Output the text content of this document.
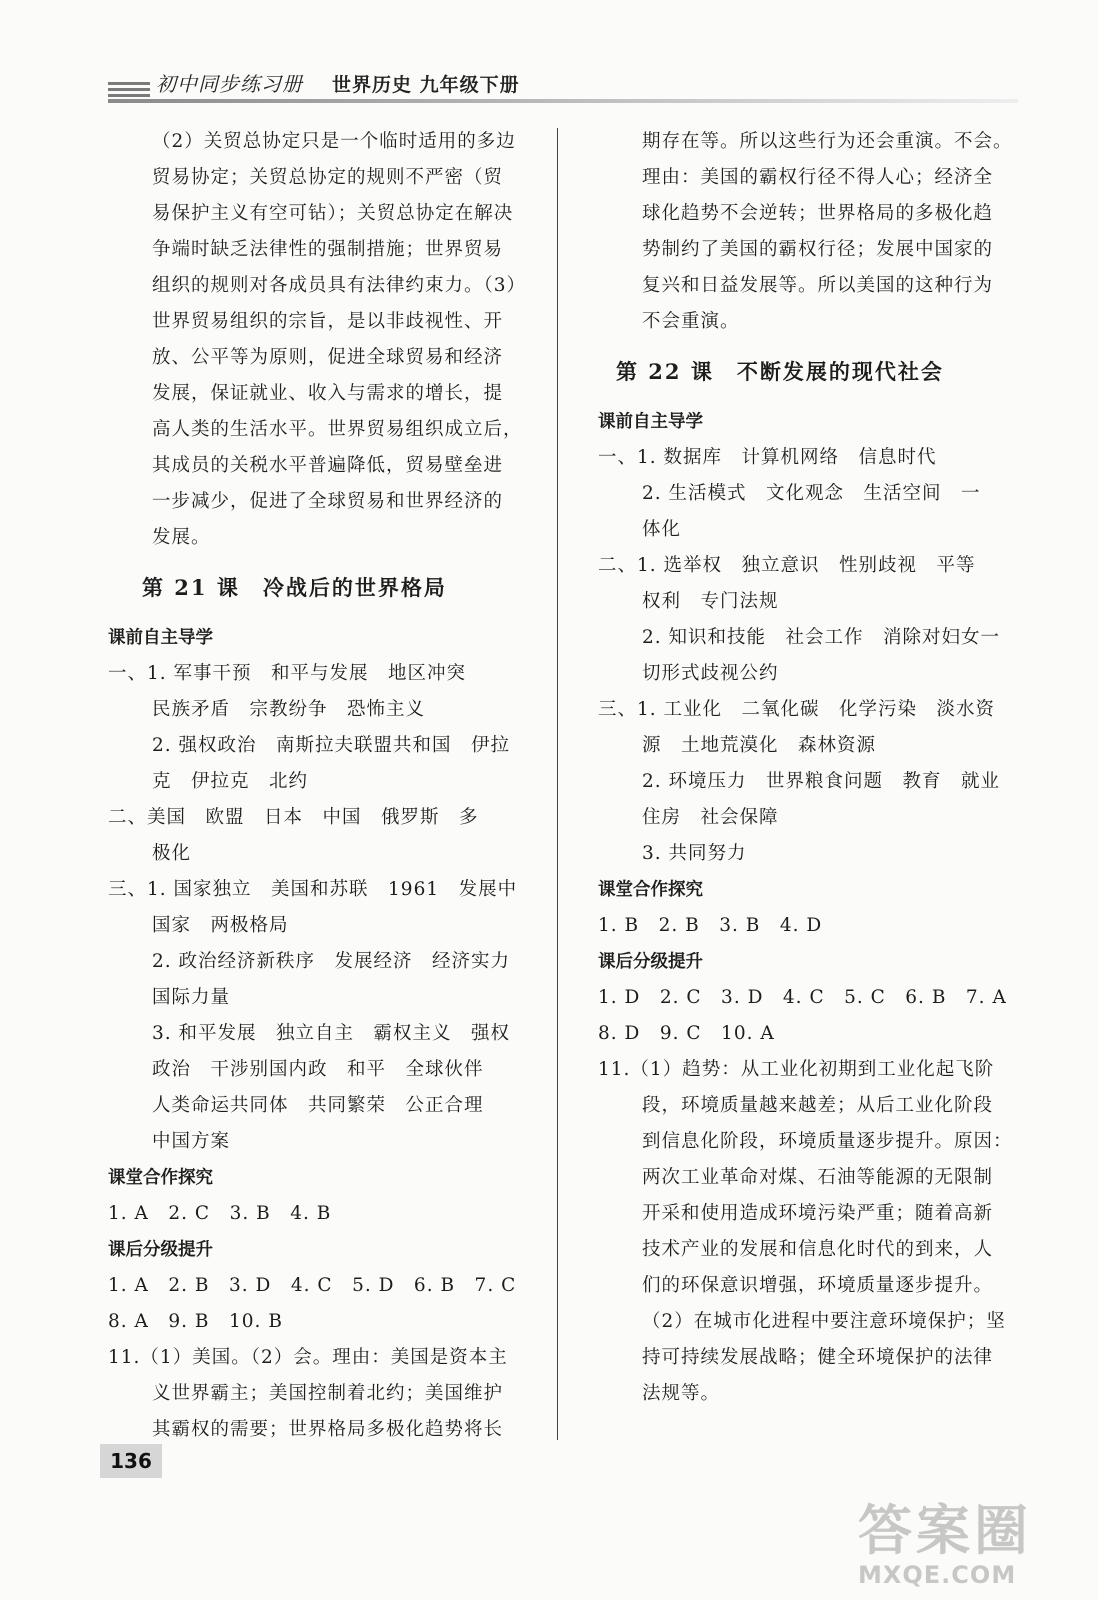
初中同步练习册 世界历史 九年级下册
（2）关贸总协定只是一个临时适用的多边
贸易协定；关贸总协定的规则不严密（贸
易保护主义有空可钻）；关贸总协定在解决
争端时缺乏法律性的强制措施；世界贸易
组织的规则对各成员具有法律约束力。（3）
世界贸易组织的宗旨，是以非歧视性、开
放、公平等为原则，促进全球贸易和经济
发展，保证就业、收入与需求的增长，提
高人类的生活水平。世界贸易组织成立后，
其成员的关税水平普遍降低，贸易壁垒进
一步减少，促进了全球贸易和世界经济的
发展。
第 21 课　冷战后的世界格局
课前自主导学
一、1. 军事干预　和平与发展　地区冲突
民族矛盾　宗教纷争　恐怖主义
2. 强权政治　南斯拉夫联盟共和国　伊拉
克　伊拉克　北约
二、美国　欧盟　日本　中国　俄罗斯　多
极化
三、1. 国家独立　美国和苏联　1961　发展中
国家　两极格局
2. 政治经济新秩序　发展经济　经济实力
国际力量
3. 和平发展　独立自主　霸权主义　强权
政治　干涉别国内政　和平　全球伙伴
人类命运共同体　共同繁荣　公正合理
中国方案
课堂合作探究
1. A　2. C　3. B　4. B
课后分级提升
1. A　2. B　3. D　4. C　5. D　6. B　7. C
8. A　9. B　10. B
11.（1）美国。（2）会。理由：美国是资本主
义世界霸主；美国控制着北约；美国维护
其霸权的需要；世界格局多极化趋势将长
期存在等。所以这些行为还会重演。不会。
理由：美国的霸权行径不得人心；经济全
球化趋势不会逆转；世界格局的多极化趋
势制约了美国的霸权行径；发展中国家的
复兴和日益发展等。所以美国的这种行为
不会重演。
第 22 课　不断发展的现代社会
课前自主导学
一、1. 数据库　计算机网络　信息时代
2. 生活模式　文化观念　生活空间　一
体化
二、1. 选举权　独立意识　性别歧视　平等
权利　专门法规
2. 知识和技能　社会工作　消除对妇女一
切形式歧视公约
三、1. 工业化　二氧化碳　化学污染　淡水资
源　土地荒漠化　森林资源
2. 环境压力　世界粮食问题　教育　就业
住房　社会保障
3. 共同努力
课堂合作探究
1. B　2. B　3. B　4. D
课后分级提升
1. D　2. C　3. D　4. C　5. C　6. B　7. A
8. D　9. C　10. A
11.（1）趋势：从工业化初期到工业化起飞阶
段，环境质量越来越差；从后工业化阶段
到信息化阶段，环境质量逐步提升。原因：
两次工业革命对煤、石油等能源的无限制
开采和使用造成环境污染严重；随着高新
技术产业的发展和信息化时代的到来，人
们的环保意识增强，环境质量逐步提升。
（2）在城市化进程中要注意环境保护；坚
持可持续发展战略；健全环境保护的法律
法规等。
136
答案圈
MXQE.COM
